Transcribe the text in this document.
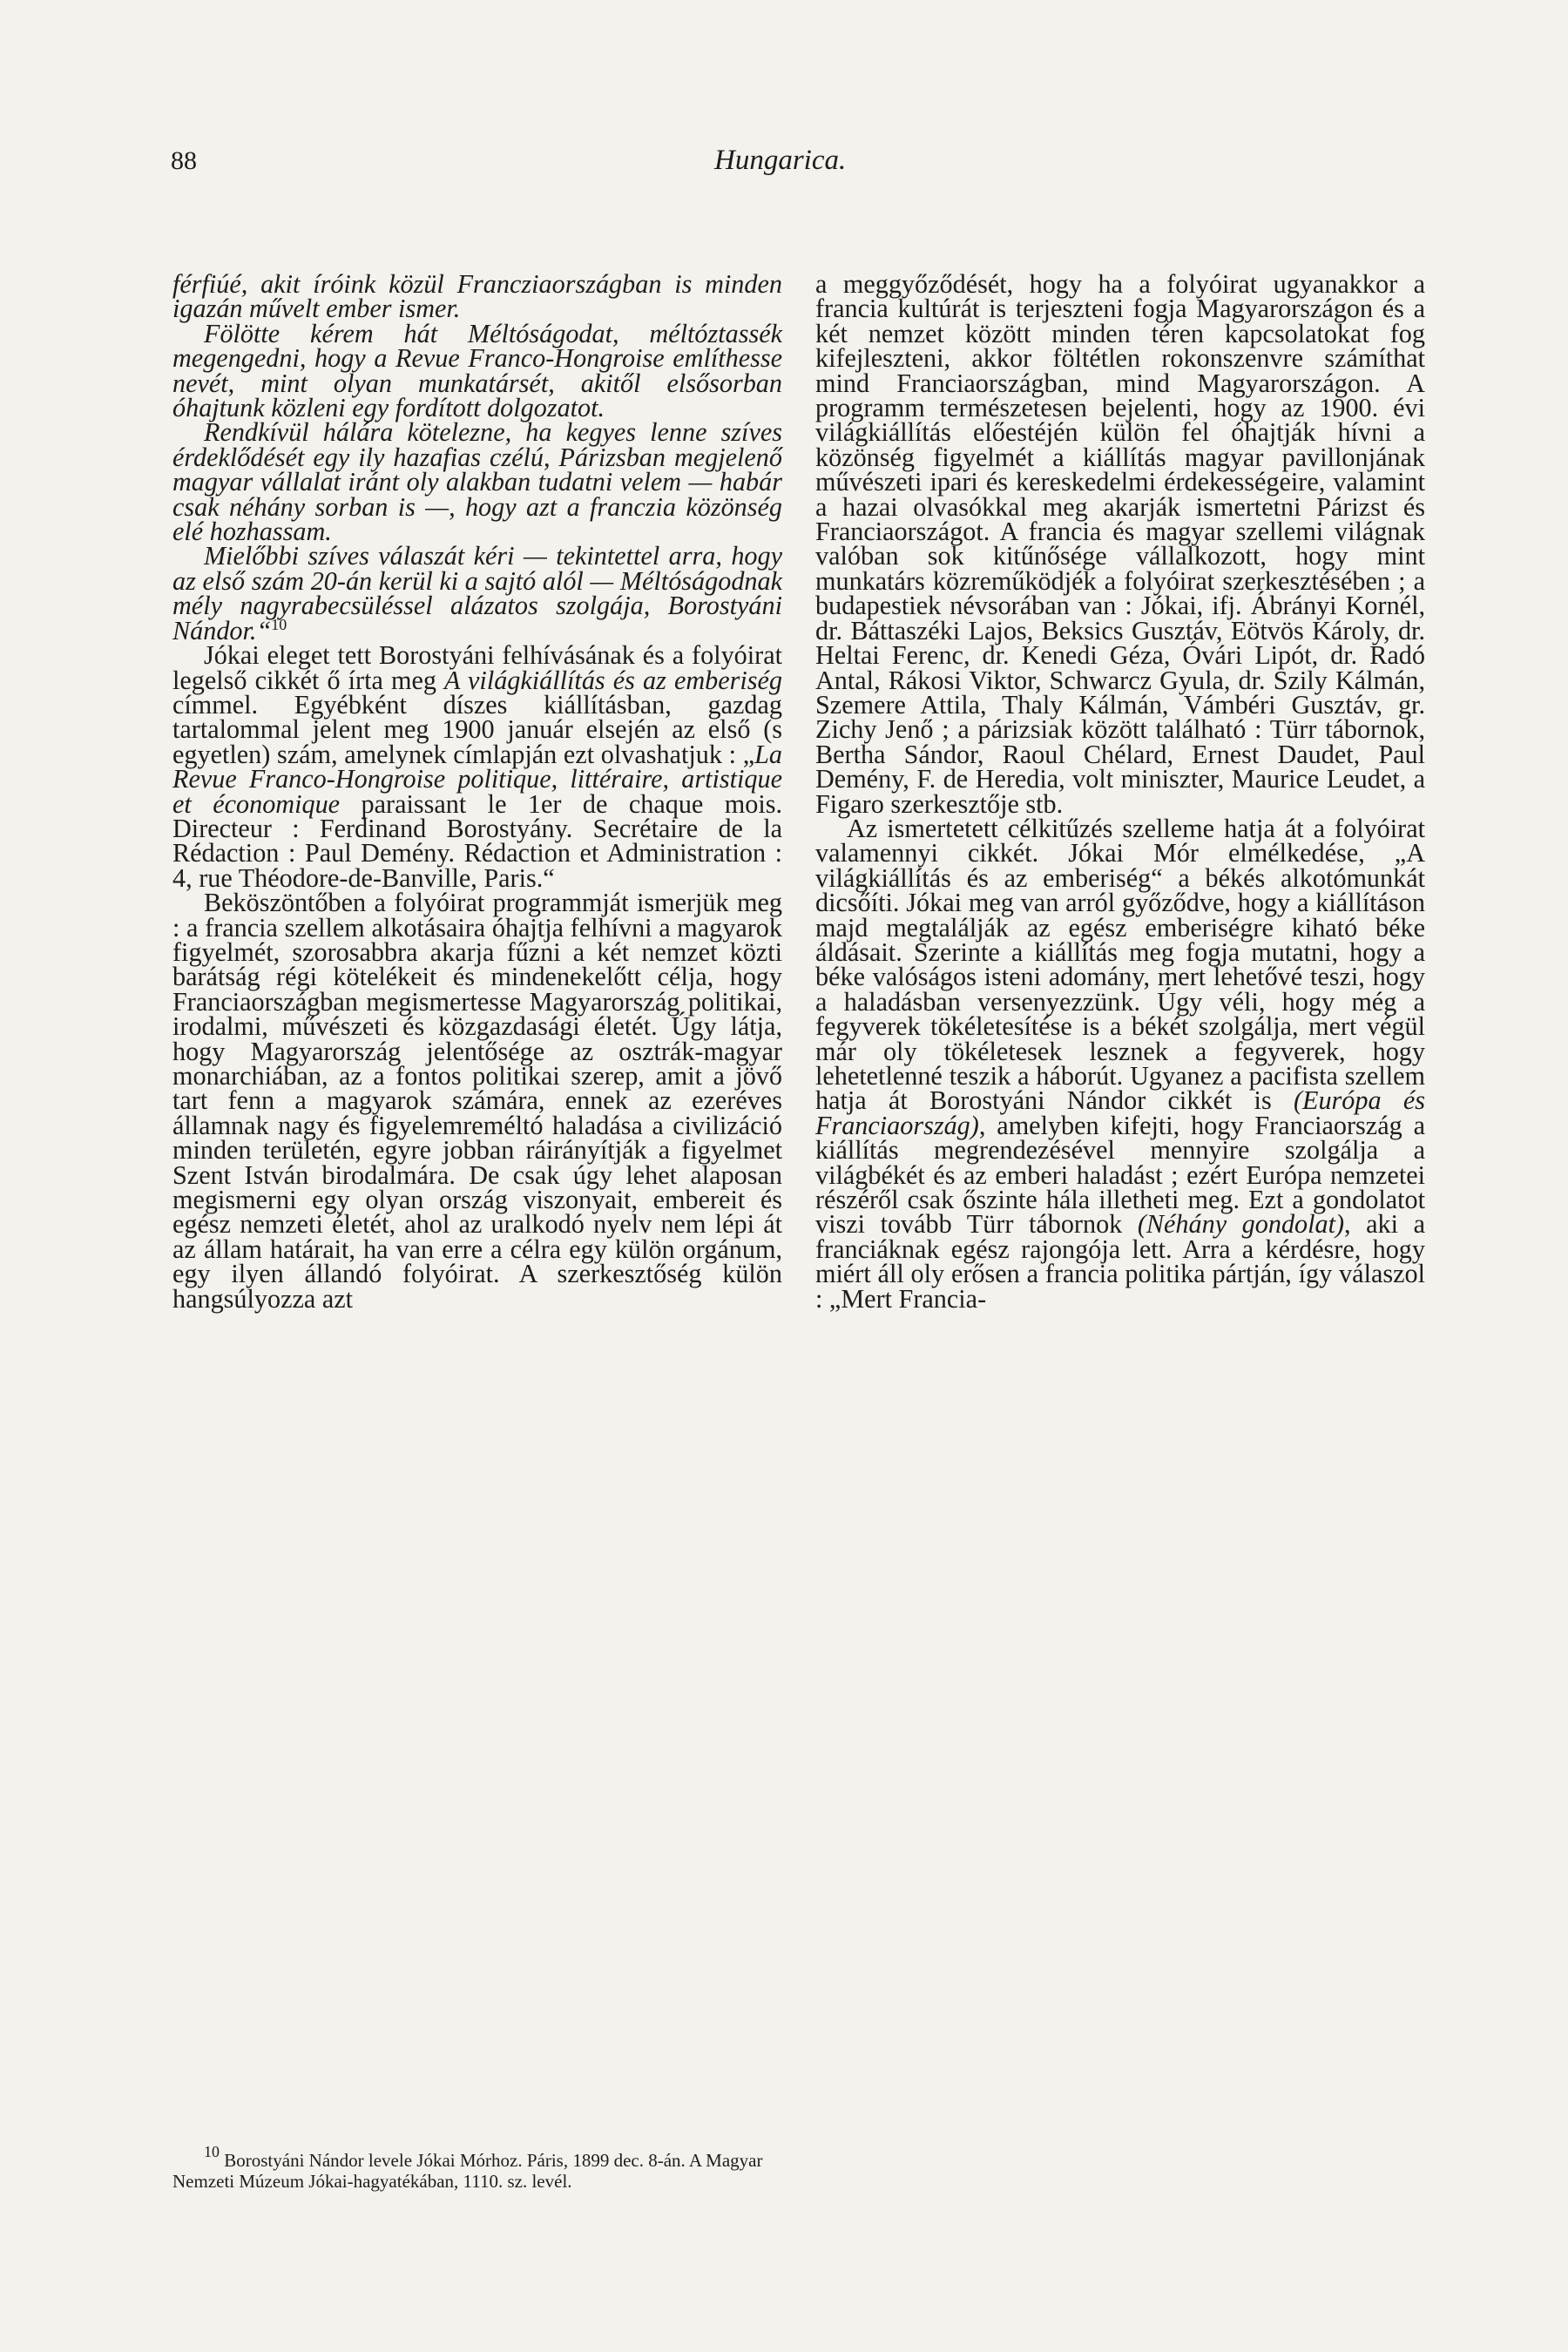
88	Hungarica.

férfiúé, akit íróink közül Francziaországban is minden igazán művelt ember ismer.

Fölötte kérem hát Méltóságodat, méltóztassék megengedni, hogy a Revue Franco-Hongroise említhesse nevét, mint olyan munkatársét, akitől elsősorban óhajtunk közleni egy fordított dolgozatot.

Rendkívül hálára kötelezne, ha kegyes lenne szíves érdeklődését egy ily hazafias czélú, Párizsban megjelenő magyar vállalat iránt oly alakban tudatni velem — habár csak néhány sorban is —, hogy azt a franczia közönség elé hozhassam.

Mielőbbi szíves válaszát kéri — tekintettel arra, hogy az első szám 20-án kerül ki a sajtó alól — Méltóságodnak mély nagyrabecsüléssel alázatos szolgája, Borostyáni Nándor.“$^{10}$

Jókai eleget tett Borostyáni felhívásának és a folyóirat legelső cikkét ő írta meg A világkiállítás és az emberiség címmel. Egyébként díszes kiállításban, gazdag tartalommal jelent meg 1900 január elsején az első (s egyetlen) szám, amelynek címlapján ezt olvashatjuk : „La Revue Franco-Hongroise politique, littéraire, artistique et économique paraissant le 1er de chaque mois. Directeur : Ferdinand Borostyány. Secrétaire de la Rédaction : Paul Demény. Rédaction et Administration : 4, rue Théodore-de-Banville, Paris.“

Beköszöntőben a folyóirat programmját ismerjük meg : a francia szellem alkotásaira óhajtja felhívni a magyarok figyelmét, szorosabbra akarja fűzni a két nemzet közti barátság régi kötelékeit és mindenekelőtt célja, hogy Franciaországban megismertesse Magyarország politikai, irodalmi, művészeti és közgazdasági életét. Úgy látja, hogy Magyarország jelentősége az osztrák-magyar monarchiában, az a fontos politikai szerep, amit a jövő tart fenn a magyarok számára, ennek az ezeréves államnak nagy és figyelemreméltó haladása a civilizáció minden területén, egyre jobban ráirányítják a figyelmet Szent István birodalmára. De csak úgy lehet alaposan megismerni egy olyan ország viszonyait, embereit és egész nemzeti életét, ahol az uralkodó nyelv nem lépi át az állam határait, ha van erre a célra egy külön orgánum, egy ilyen állandó folyóirat. A szerkesztőség külön hangsúlyozza azt

$^{10}$ Borostyáni Nándor levele Jókai Mórhoz. Páris, 1899 dec. 8-án. A Magyar Nemzeti Múzeum Jókai-hagyatékában, 1110. sz. levél.

a meggyőződését, hogy ha a folyóirat ugyanakkor a francia kultúrát is terjeszteni fogja Magyarországon és a két nemzet között minden téren kapcsolatokat fog kifejleszteni, akkor föltétlen rokonszenvre számíthat mind Franciaországban, mind Magyarországon. A programm természetesen bejelenti, hogy az 1900. évi világkiállítás előestéjén külön fel óhajtják hívni a közönség figyelmét a kiállítás magyar pavillonjának művészeti ipari és kereskedelmi érdekességeire, valamint a hazai olvasókkal meg akarják ismertetni Párizst és Franciaországot. A francia és magyar szellemi világnak valóban sok kitűnősége vállalkozott, hogy mint munkatárs közreműködjék a folyóirat szerkesztésében ; a budapestiek névsorában van : Jókai, ifj. Ábrányi Kornél, dr. Báttaszéki Lajos, Beksics Gusztáv, Eötvös Károly, dr. Heltai Ferenc, dr. Kenedi Géza, Óvári Lipót, dr. Radó Antal, Rákosi Viktor, Schwarcz Gyula, dr. Szily Kálmán, Szemere Attila, Thaly Kálmán, Vámbéri Gusztáv, gr. Zichy Jenő ; a párizsiak között található : Türr tábornok, Bertha Sándor, Raoul Chélard, Ernest Daudet, Paul Demény, F. de Heredia, volt miniszter, Maurice Leudet, a Figaro szerkesztője stb.

Az ismertetett célkitűzés szelleme hatja át a folyóirat valamennyi cikkét. Jókai Mór elmélkedése, „A világkiállítás és az emberiség“ a békés alkotómunkát dicsőíti. Jókai meg van arról győződve, hogy a kiállításon majd megtalálják az egész emberiségre kiható béke áldásait. Szerinte a kiállítás meg fogja mutatni, hogy a béke valóságos isteni adomány, mert lehetővé teszi, hogy a haladásban versenyezzünk. Úgy véli, hogy még a fegyverek tökéletesítése is a békét szolgálja, mert végül már oly tökéletesek lesznek a fegyverek, hogy lehetetlenné teszik a háborút. Ugyanez a pacifista szellem hatja át Borostyáni Nándor cikkét is (Európa és Franciaország), amelyben kifejti, hogy Franciaország a kiállítás megrendezésével mennyire szolgálja a világbékét és az emberi haladást ; ezért Európa nemzetei részéről csak őszinte hála illetheti meg. Ezt a gondolatot viszi tovább Türr tábornok (Néhány gondolat), aki a franciáknak egész rajongója lett. Arra a kérdésre, hogy miért áll oly erősen a francia politika pártján, így válaszol : „Mert Francia-
